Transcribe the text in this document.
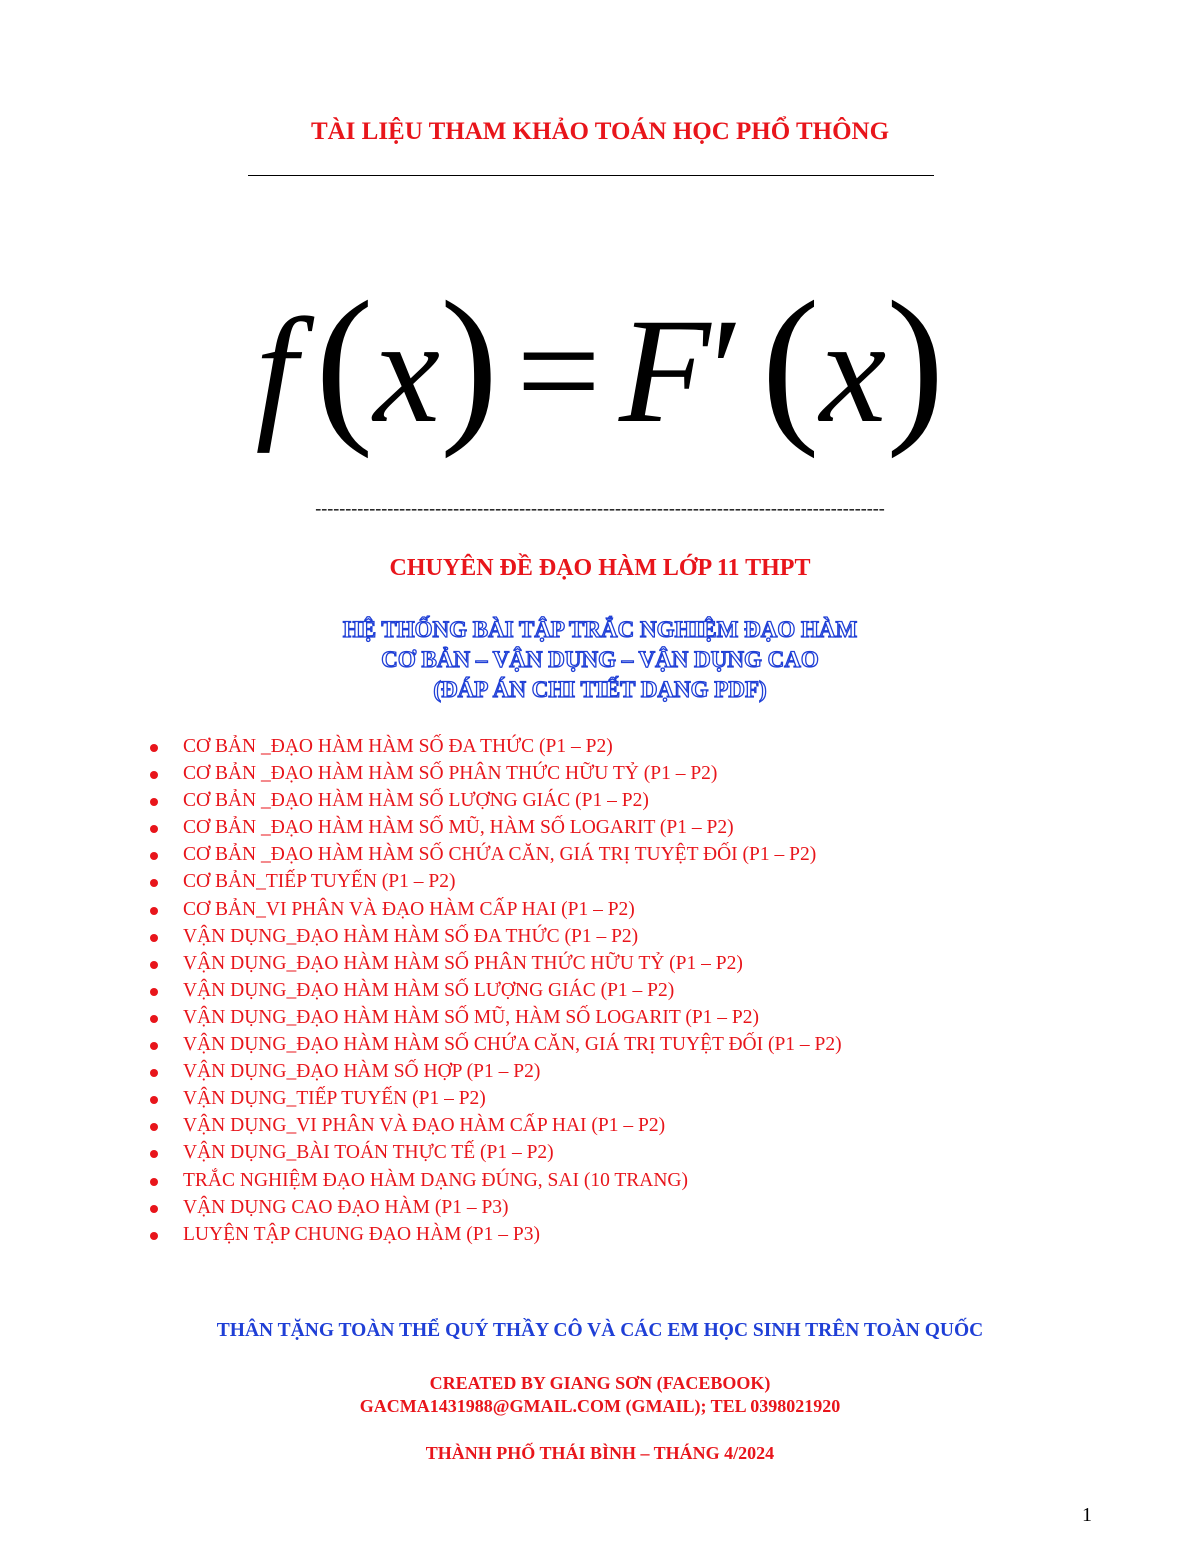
TÀI LIỆU THAM KHẢO TOÁN HỌC PHỔ THÔNG
f (x) = F′ (x)
-----------------------------------------------------------------------------------------------
CHUYÊN ĐỀ ĐẠO HÀM LỚP 11 THPT
HỆ THỐNG BÀI TẬP TRẮC NGHIỆM ĐẠO HÀM
CƠ BẢN – VẬN DỤNG – VẬN DỤNG CAO
(ĐÁP ÁN CHI TIẾT DẠNG PDF)
CƠ BẢN _ĐẠO HÀM HÀM SỐ ĐA THỨC (P1 – P2)
CƠ BẢN _ĐẠO HÀM HÀM SỐ PHÂN THỨC HỮU TỶ (P1 – P2)
CƠ BẢN _ĐẠO HÀM HÀM SỐ LƯỢNG GIÁC (P1 – P2)
CƠ BẢN _ĐẠO HÀM HÀM SỐ MŨ, HÀM SỐ LOGARIT (P1 – P2)
CƠ BẢN _ĐẠO HÀM HÀM SỐ CHỨA CĂN, GIÁ TRỊ TUYỆT ĐỐI (P1 – P2)
CƠ BẢN_TIẾP TUYẾN (P1 – P2)
CƠ BẢN_VI PHÂN VÀ ĐẠO HÀM CẤP HAI (P1 – P2)
VẬN DỤNG_ĐẠO HÀM HÀM SỐ ĐA THỨC (P1 – P2)
VẬN DỤNG_ĐẠO HÀM HÀM SỐ PHÂN THỨC HỮU TỶ (P1 – P2)
VẬN DỤNG_ĐẠO HÀM HÀM SỐ LƯỢNG GIÁC (P1 – P2)
VẬN DỤNG_ĐẠO HÀM HÀM SỐ MŨ, HÀM SỐ LOGARIT (P1 – P2)
VẬN DỤNG_ĐẠO HÀM HÀM SỐ CHỨA CĂN, GIÁ TRỊ TUYỆT ĐỐI (P1 – P2)
VẬN DỤNG_ĐẠO HÀM SỐ HỢP (P1 – P2)
VẬN DỤNG_TIẾP TUYẾN (P1 – P2)
VẬN DỤNG_VI PHÂN VÀ ĐẠO HÀM CẤP HAI (P1 – P2)
VẬN DỤNG_BÀI TOÁN THỰC TẾ (P1 – P2)
TRẮC NGHIỆM ĐẠO HÀM DẠNG ĐÚNG, SAI (10 TRANG)
VẬN DỤNG CAO ĐẠO HÀM (P1 – P3)
LUYỆN TẬP CHUNG ĐẠO HÀM (P1 – P3)
THÂN TẶNG TOÀN THỂ QUÝ THẦY CÔ VÀ CÁC EM HỌC SINH TRÊN TOÀN QUỐC
CREATED BY GIANG SƠN (FACEBOOK)
GACMA1431988@GMAIL.COM (GMAIL); TEL 0398021920
THÀNH PHỐ THÁI BÌNH – THÁNG 4/2024
1
